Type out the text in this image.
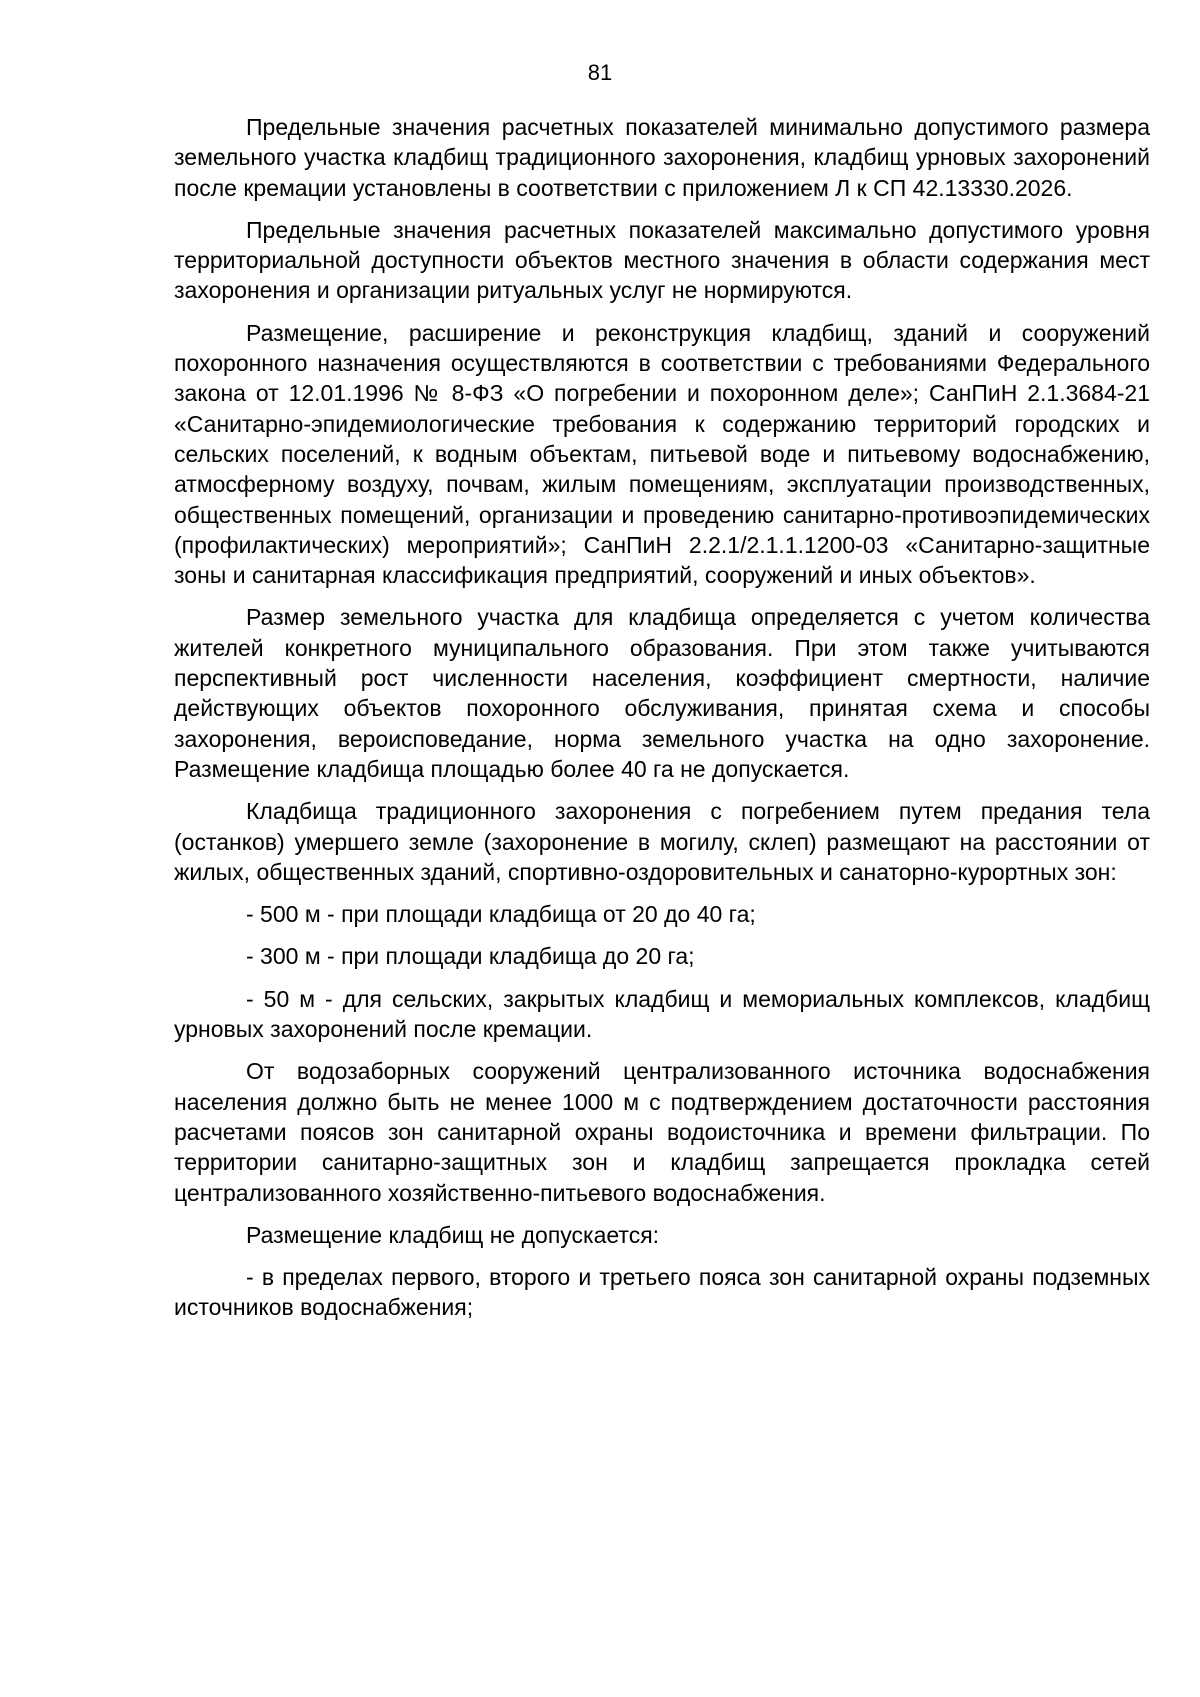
81

Предельные значения расчетных показателей минимально допустимого размера земельного участка кладбищ традиционного захоронения, кладбищ урновых захоронений после кремации установлены в соответствии с приложением Л к СП 42.13330.2026.

Предельные значения расчетных показателей максимально допустимого уровня территориальной доступности объектов местного значения в области содержания мест захоронения и организации ритуальных услуг не нормируются.

Размещение, расширение и реконструкция кладбищ, зданий и сооружений похоронного назначения осуществляются в соответствии с требованиями Федерального закона от 12.01.1996 № 8-ФЗ «О погребении и похоронном деле»; СанПиН 2.1.3684-21 «Санитарно-эпидемиологические требования к содержанию территорий городских и сельских поселений, к водным объектам, питьевой воде и питьевому водоснабжению, атмосферному воздуху, почвам, жилым помещениям, эксплуатации производственных, общественных помещений, организации и проведению санитарно-противоэпидемических (профилактических) мероприятий»; СанПиН 2.2.1/2.1.1.1200-03 «Санитарно-защитные зоны и санитарная классификация предприятий, сооружений и иных объектов».

Размер земельного участка для кладбища определяется с учетом количества жителей конкретного муниципального образования. При этом также учитываются перспективный рост численности населения, коэффициент смертности, наличие действующих объектов похоронного обслуживания, принятая схема и способы захоронения, вероисповедание, норма земельного участка на одно захоронение. Размещение кладбища площадью более 40 га не допускается.

Кладбища традиционного захоронения с погребением путем предания тела (останков) умершего земле (захоронение в могилу, склеп) размещают на расстоянии от жилых, общественных зданий, спортивно-оздоровительных и санаторно-курортных зон:

- 500 м - при площади кладбища от 20 до 40 га;

- 300 м - при площади кладбища до 20 га;

- 50 м - для сельских, закрытых кладбищ и мемориальных комплексов, кладбищ урновых захоронений после кремации.

От водозаборных сооружений централизованного источника водоснабжения населения должно быть не менее 1000 м с подтверждением достаточности расстояния расчетами поясов зон санитарной охраны водоисточника и времени фильтрации. По территории санитарно-защитных зон и кладбищ запрещается прокладка сетей централизованного хозяйственно-питьевого водоснабжения.

Размещение кладбищ не допускается:

- в пределах первого, второго и третьего пояса зон санитарной охраны подземных источников водоснабжения;
